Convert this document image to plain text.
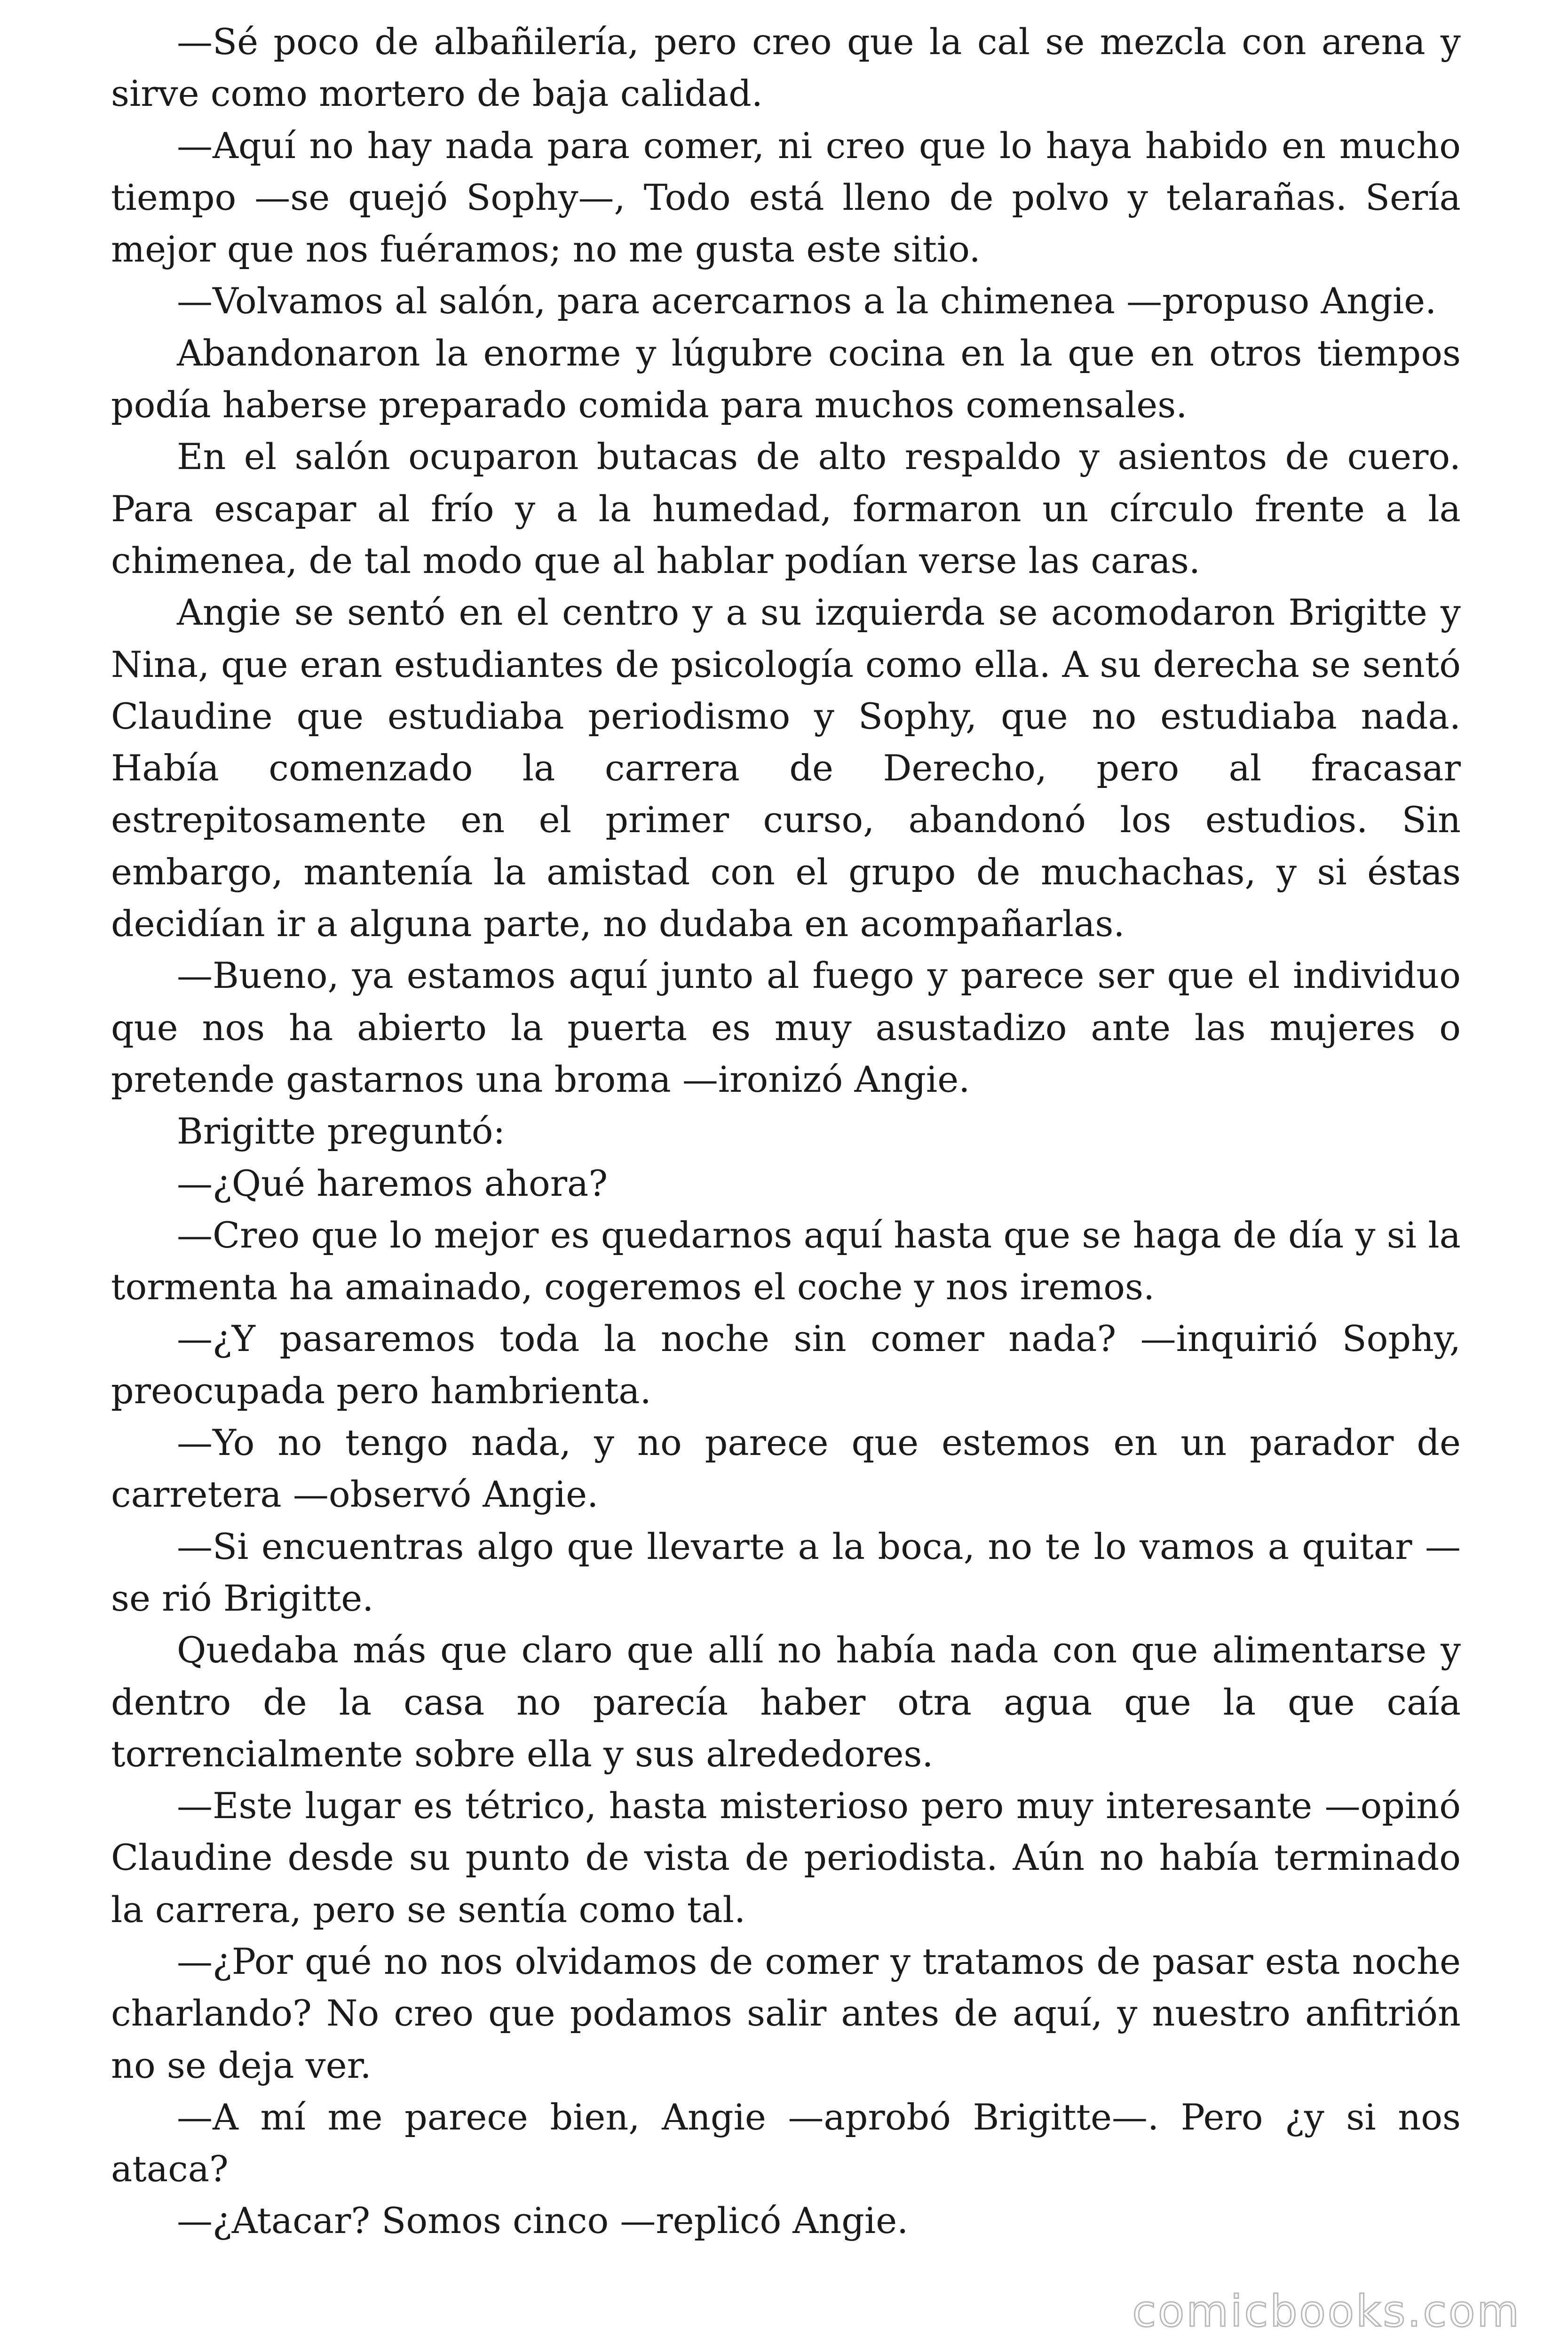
—Sé poco de albañilería, pero creo que la cal se mezcla con arena y sirve como mortero de baja calidad.

—Aquí no hay nada para comer, ni creo que lo haya habido en mucho tiempo —se quejó Sophy—, Todo está lleno de polvo y telarañas. Sería mejor que nos fuéramos; no me gusta este sitio.

—Volvamos al salón, para acercarnos a la chimenea —propuso Angie.

Abandonaron la enorme y lúgubre cocina en la que en otros tiempos podía haberse preparado comida para muchos comensales.

En el salón ocuparon butacas de alto respaldo y asientos de cuero. Para escapar al frío y a la humedad, formaron un círculo frente a la chimenea, de tal modo que al hablar podían verse las caras.

Angie se sentó en el centro y a su izquierda se acomodaron Brigitte y Nina, que eran estudiantes de psicología como ella. A su derecha se sentó Claudine que estudiaba periodismo y Sophy, que no estudiaba nada. Había comenzado la carrera de Derecho, pero al fracasar estrepitosamente en el primer curso, abandonó los estudios. Sin embargo, mantenía la amistad con el grupo de muchachas, y si éstas decidían ir a alguna parte, no dudaba en acompañarlas.

—Bueno, ya estamos aquí junto al fuego y parece ser que el individuo que nos ha abierto la puerta es muy asustadizo ante las mujeres o pretende gastarnos una broma —ironizó Angie.

Brigitte preguntó:

—¿Qué haremos ahora?

—Creo que lo mejor es quedarnos aquí hasta que se haga de día y si la tormenta ha amainado, cogeremos el coche y nos iremos.

—¿Y pasaremos toda la noche sin comer nada? —inquirió Sophy, preocupada pero hambrienta.

—Yo no tengo nada, y no parece que estemos en un parador de carretera —observó Angie.

—Si encuentras algo que llevarte a la boca, no te lo vamos a quitar —se rió Brigitte.

Quedaba más que claro que allí no había nada con que alimentarse y dentro de la casa no parecía haber otra agua que la que caía torrencialmente sobre ella y sus alrededores.

—Este lugar es tétrico, hasta misterioso pero muy interesante —opinó Claudine desde su punto de vista de periodista. Aún no había terminado la carrera, pero se sentía como tal.

—¿Por qué no nos olvidamos de comer y tratamos de pasar esta noche charlando? No creo que podamos salir antes de aquí, y nuestro anfitrión no se deja ver.

—A mí me parece bien, Angie —aprobó Brigitte—. Pero ¿y si nos ataca?

—¿Atacar? Somos cinco —replicó Angie.

comicbooks.com
